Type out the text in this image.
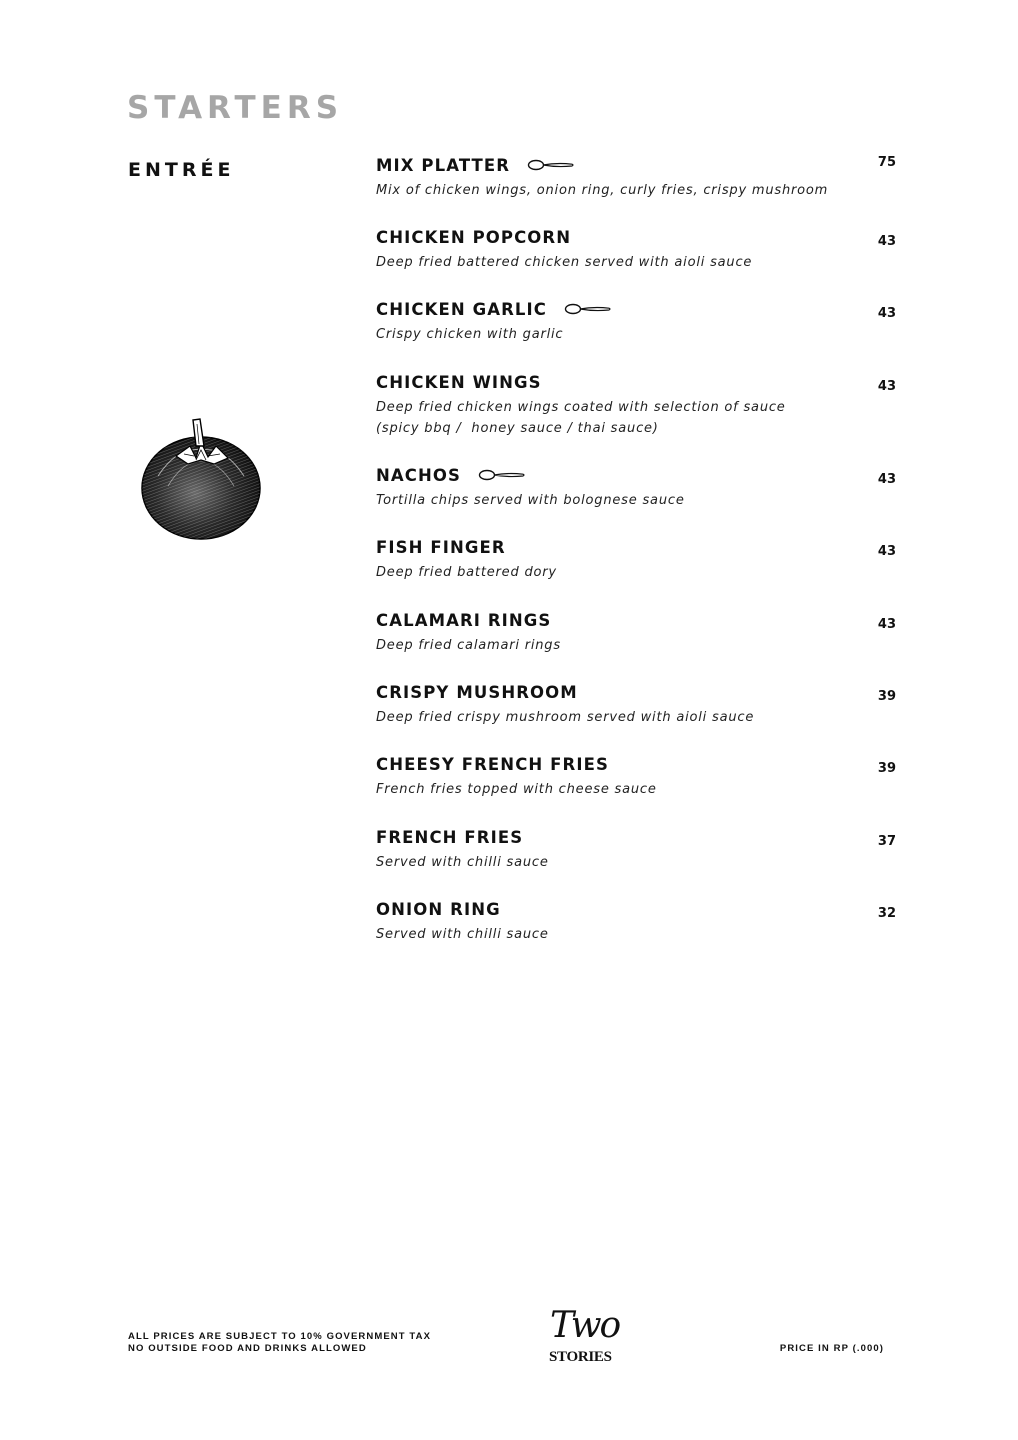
STARTERS
ENTRÉE	MIX PLATTER
Mix of chicken wings, onion ring, curly fries, crispy mushroom
75
CHICKEN POPCORN
Deep fried battered chicken served with aioli sauce
43
CHICKEN GARLIC
Crispy chicken with garlic
43
CHICKEN WINGS
Deep fried chicken wings coated with selection of sauce
(spicy bbq /  honey sauce / thai sauce)
43
NACHOS
Tortilla chips served with bolognese sauce
43
FISH FINGER
Deep fried battered dory
43
CALAMARI RINGS
Deep fried calamari rings
43
CRISPY MUSHROOM
Deep fried crispy mushroom served with aioli sauce
39
CHEESY FRENCH FRIES
French fries topped with cheese sauce
39
FRENCH FRIES
Served with chilli sauce
37
ONION RING
Served with chilli sauce
32
ALL PRICES ARE SUBJECT TO 10% GOVERNMENT TAX
NO OUTSIDE FOOD AND DRINKS ALLOWED
Two
STORIES
PRICE IN RP (.000)
